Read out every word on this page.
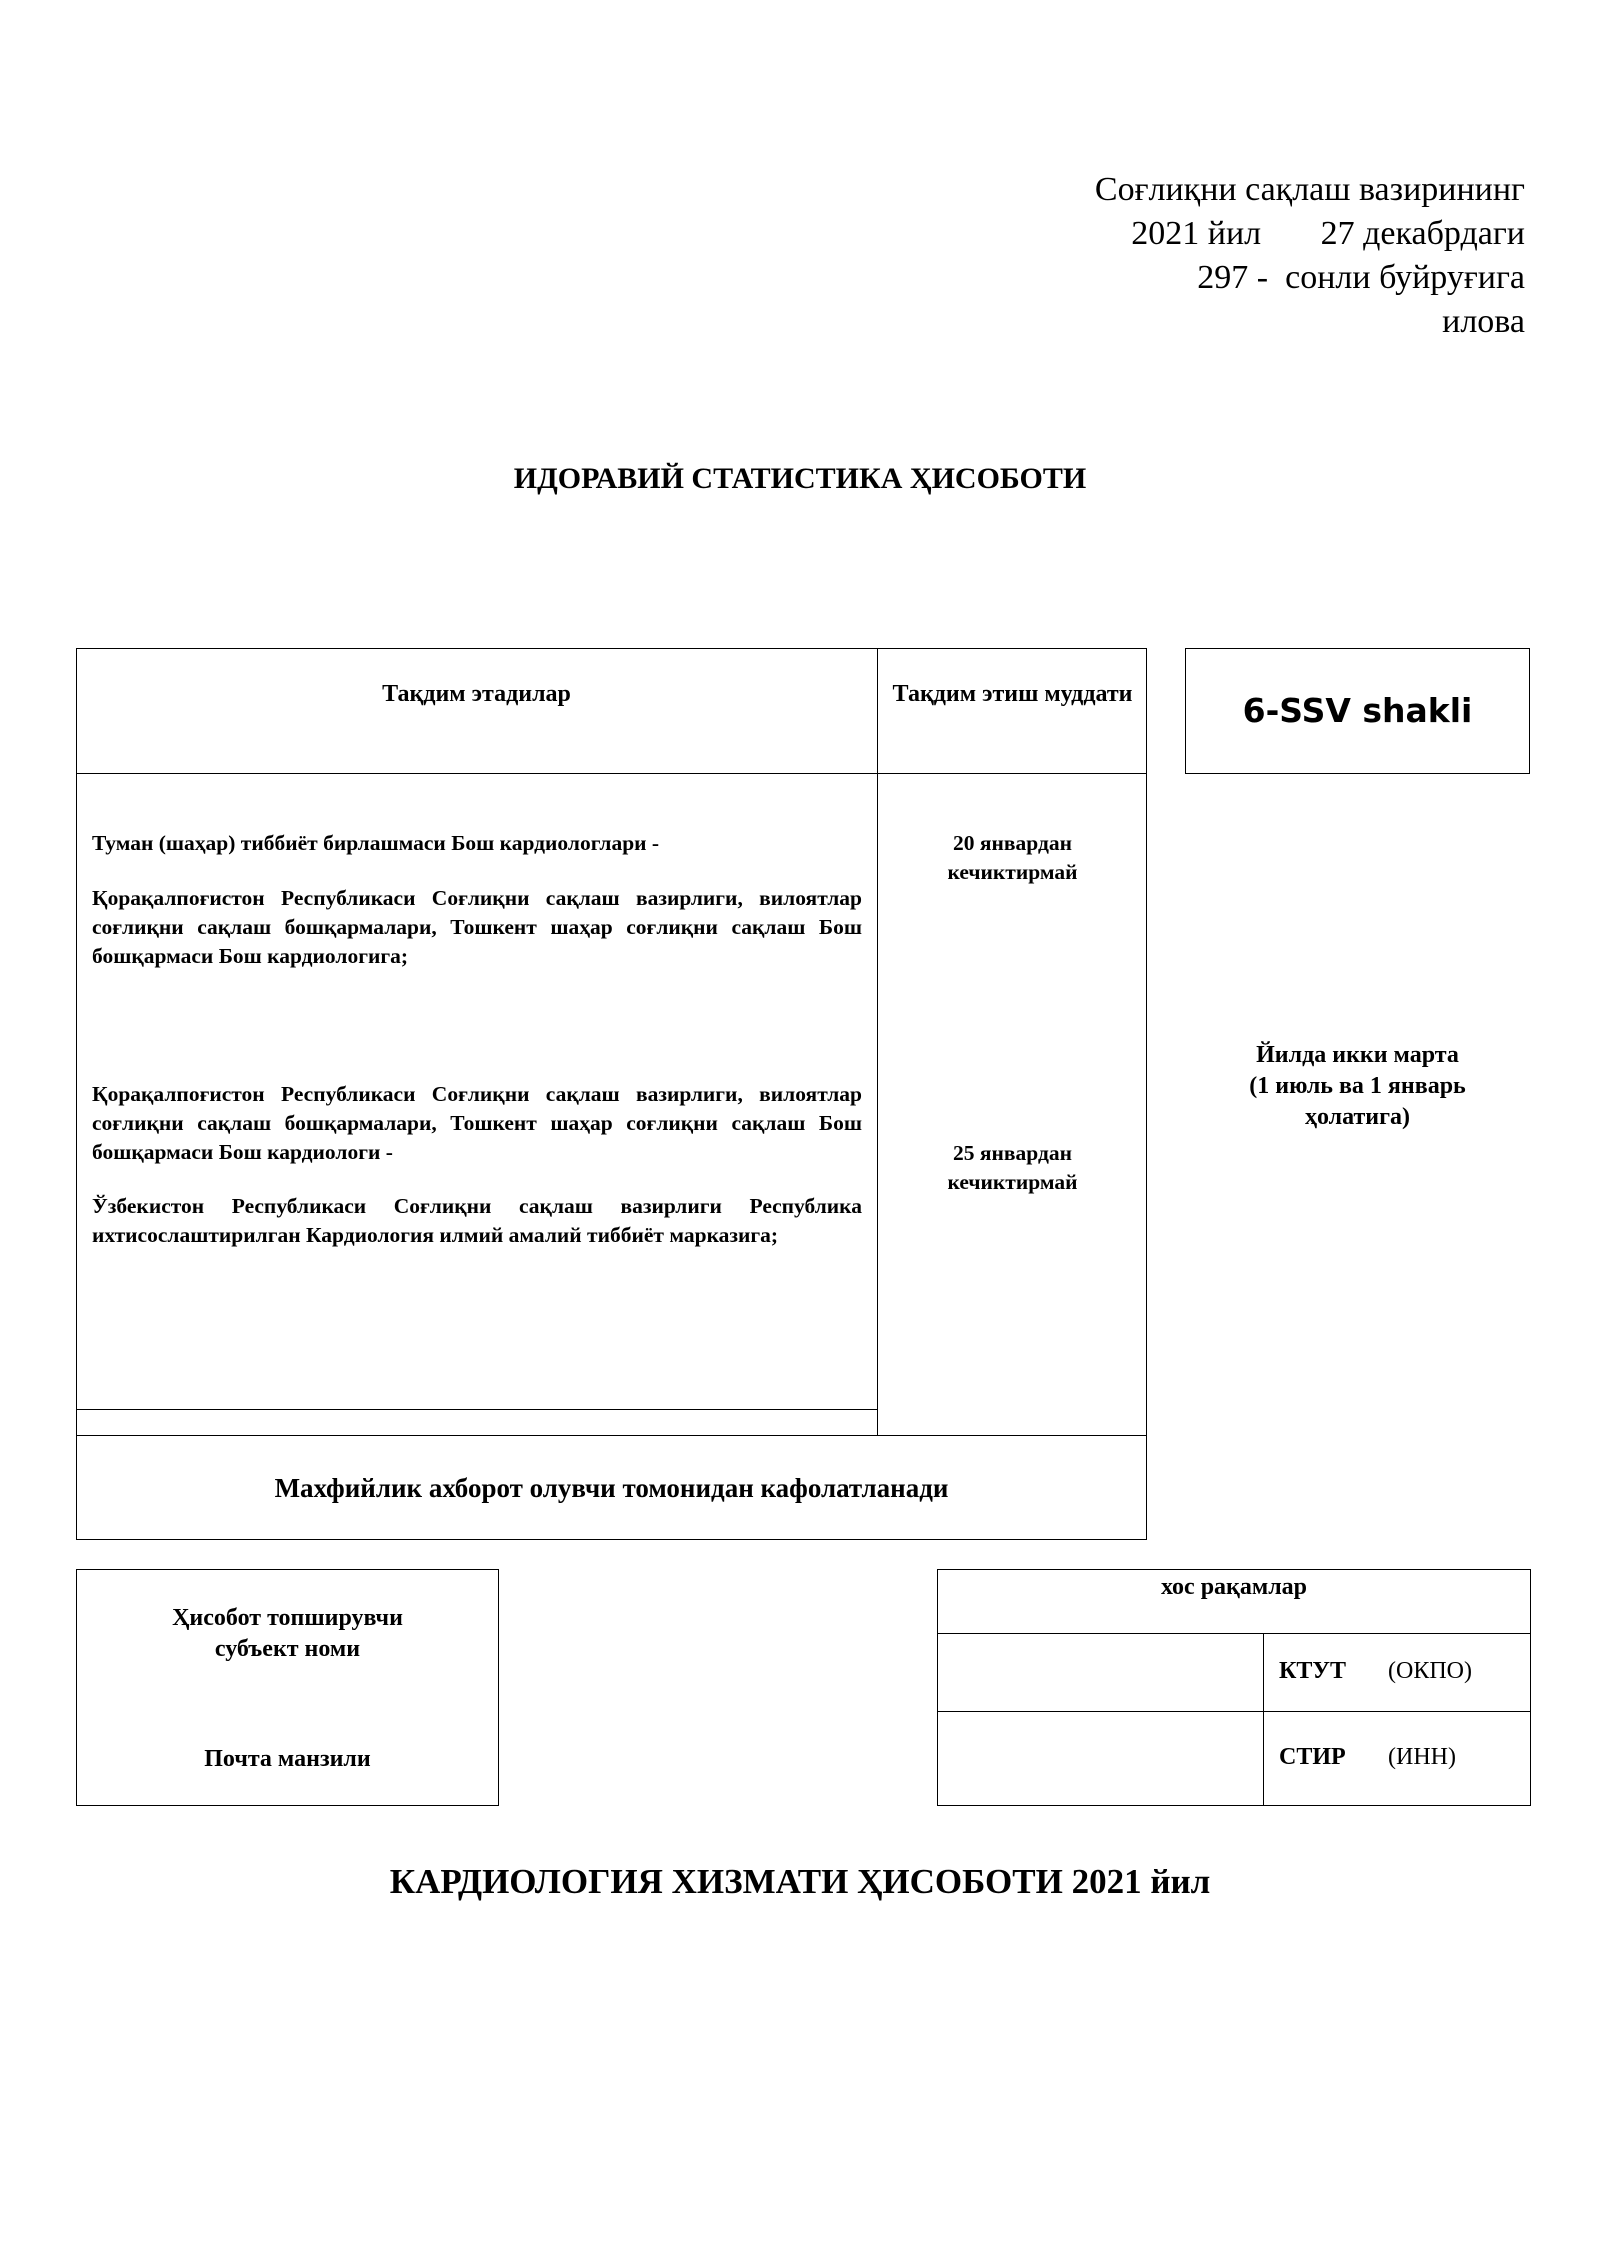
Соғлиқни сақлаш вазирининг
2021 йил       27 декабрдаги
297 -  сонли буйруғига
илова
ИДОРАВИЙ СТАТИСТИКА ҲИСОБОТИ
Тақдим этадилар	Тақдим этиш муддати
Туман (шаҳар) тиббиёт бирлашмаси Бош кардиологлари -
Қорақалпоғистон Республикаси Соғлиқни сақлаш вазирлиги, вилоятлар соғлиқни сақлаш бошқармалари, Тошкент шаҳар соғлиқни сақлаш Бош бошқармаси Бош кардиологига;
Қорақалпоғистон Республикаси Соғлиқни сақлаш вазирлиги, вилоятлар соғлиқни сақлаш бошқармалари, Тошкент шаҳар соғлиқни сақлаш Бош бошқармаси Бош кардиологи -
Ўзбекистон Республикаси Соғлиқни сақлаш вазирлиги Республика ихтисослаштирилган Кардиология илмий амалий тиббиёт марказига;
20 январдан
кечиктирмай
25 январдан
кечиктирмай
Махфийлик ахборот олувчи томонидан кафолатланади
6-SSV shakli
Йилда икки марта
(1 июль ва 1 январь
ҳолатига)
Ҳисобот топширувчи
субъект номи
Почта манзили
хос рақамлар
КТУТ (ОКПО)
СТИР (ИНН)
КАРДИОЛОГИЯ ХИЗМАТИ ҲИСОБОТИ 2021 йил
